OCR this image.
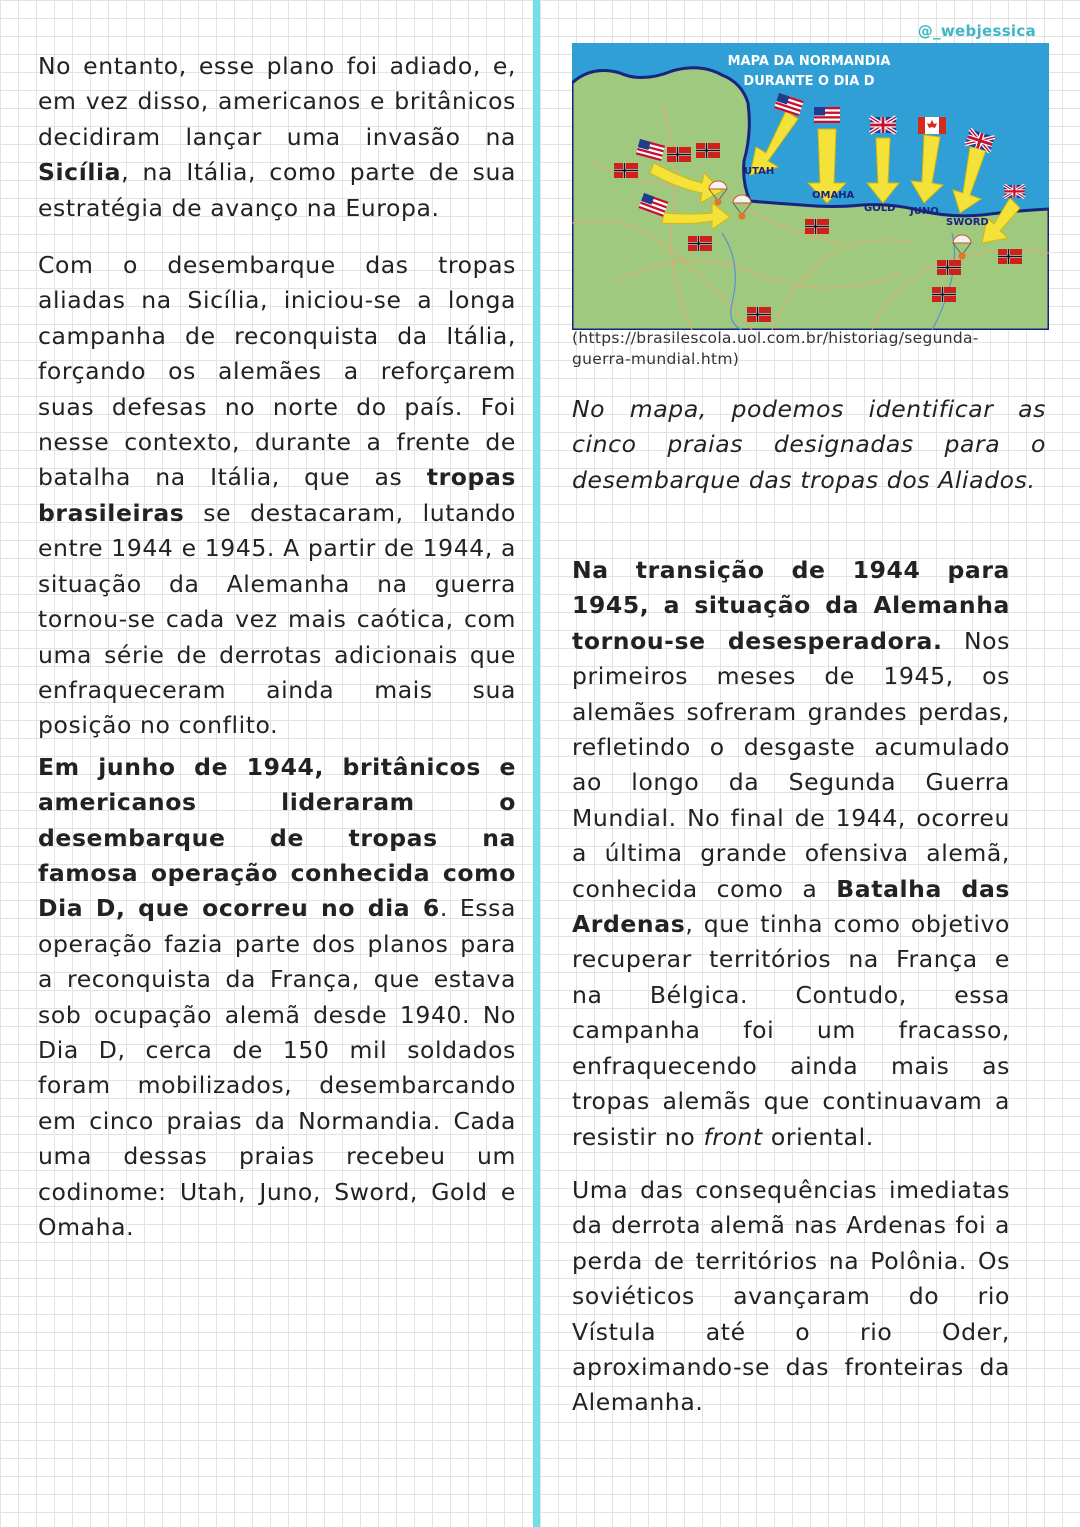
No entanto, esse plano foi adiado, e, em vez disso, americanos e britânicos decidiram lançar uma invasão na Sicília, na Itália, como parte de sua estratégia de avanço na Europa.

Com o desembarque das tropas aliadas na Sicília, iniciou-se a longa campanha de reconquista da Itália, forçando os alemães a reforçarem suas defesas no norte do país. Foi nesse contexto, durante a frente de batalha na Itália, que as tropas brasileiras se destacaram, lutando entre 1944 e 1945. A partir de 1944, a situação da Alemanha na guerra tornou-se cada vez mais caótica, com uma série de derrotas adicionais que enfraqueceram ainda mais sua posição no conflito.

Em junho de 1944, britânicos e americanos lideraram o desembarque de tropas na famosa operação conhecida como Dia D, que ocorreu no dia 6. Essa operação fazia parte dos planos para a reconquista da França, que estava sob ocupação alemã desde 1940. No Dia D, cerca de 150 mil soldados foram mobilizados, desembarcando em cinco praias da Normandia. Cada uma dessas praias recebeu um codinome: Utah, Juno, Sword, Gold e Omaha.

@_webjessica
MAPA DA NORMANDIA
DURANTE O DIA D
UTAH
OMAHA
GOLD JUNO
SWORD
(https://brasilescola.uol.com.br/historiag/segunda-guerra-mundial.htm)
No mapa, podemos identificar as cinco praias designadas para o desembarque das tropas dos Aliados.

Na transição de 1944 para 1945, a situação da Alemanha tornou-se desesperadora. Nos primeiros meses de 1945, os alemães sofreram grandes perdas, refletindo o desgaste acumulado ao longo da Segunda Guerra Mundial. No final de 1944, ocorreu a última grande ofensiva alemã, conhecida como a Batalha das Ardenas, que tinha como objetivo recuperar territórios na França e na Bélgica. Contudo, essa campanha foi um fracasso, enfraquecendo ainda mais as tropas alemãs que continuavam a resistir no front oriental.

Uma das consequências imediatas da derrota alemã nas Ardenas foi a perda de territórios na Polônia. Os soviéticos avançaram do rio Vístula até o rio Oder, aproximando-se das fronteiras da Alemanha.
